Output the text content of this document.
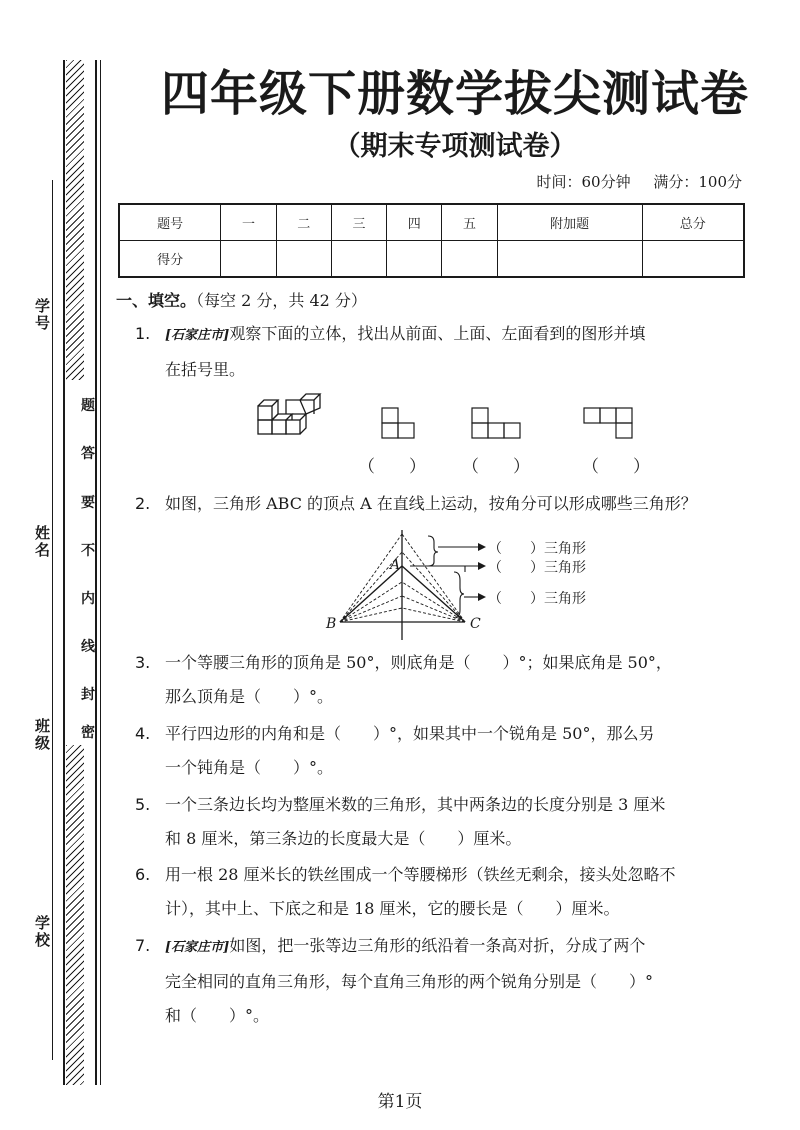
学号
姓名
班级
学校
题
答
要
不
内
线
封
密
四年级下册数学拔尖测试卷
（期末专项测试卷）
时间：60分钟 满分：100分
题号	一	二	三	四	五	附加题	总分
得分							
一、填空。（每空 2 分，共 42 分）
1. [石家庄市]观察下面的立体，找出从前面、上面、左面看到的图形并填
在括号里。
（　　） （　　）	（　　）
2. 如图，三角形 ABC 的顶点 A 在直线上运动，按角分可以形成哪些三角形？
A
B	C
（　　）三角形
（　　）三角形
（　　）三角形
3. 一个等腰三角形的顶角是 50°，则底角是（　　）°；如果底角是 50°，
那么顶角是（　　）°。
4. 平行四边形的内角和是（　　）°，如果其中一个锐角是 50°，那么另
一个钝角是（　　）°。
5. 一个三条边长均为整厘米数的三角形，其中两条边的长度分别是 3 厘米
和 8 厘米，第三条边的长度最大是（　　）厘米。
6. 用一根 28 厘米长的铁丝围成一个等腰梯形（铁丝无剩余，接头处忽略不
计），其中上、下底之和是 18 厘米，它的腰长是（　　）厘米。
7. [石家庄市]如图，把一张等边三角形的纸沿着一条高对折，分成了两个
完全相同的直角三角形，每个直角三角形的两个锐角分别是（　　）°
和（　　）°。
第1页
